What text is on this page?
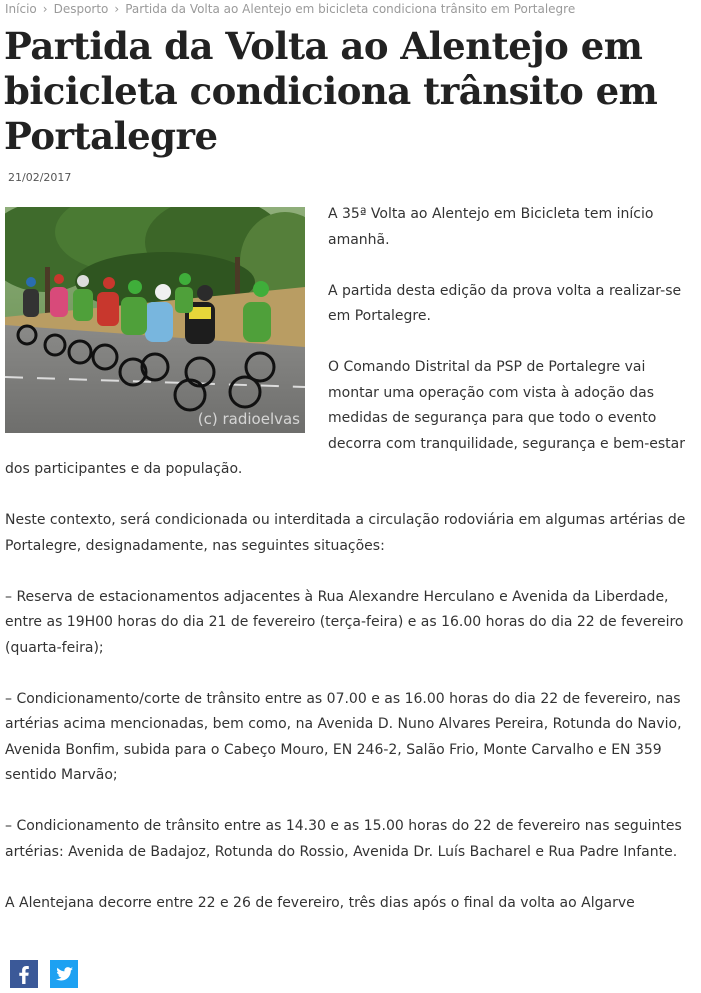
Início › Desporto › Partida da Volta ao Alentejo em bicicleta condiciona trânsito em Portalegre
Partida da Volta ao Alentejo em bicicleta condiciona trânsito em Portalegre
21/02/2017
(c) radioelvas

A 35ª Volta ao Alentejo em Bicicleta tem início amanhã.

A partida desta edição da prova volta a realizar-se em Portalegre.

O Comando Distrital da PSP de Portalegre vai montar uma operação com vista à adoção das medidas de segurança para que todo o evento decorra com tranquilidade, segurança e bem-estar dos participantes e da população.

Neste contexto, será condicionada ou interditada a circulação rodoviária em algumas artérias de Portalegre, designadamente, nas seguintes situações:

– Reserva de estacionamentos adjacentes à Rua Alexandre Herculano e Avenida da Liberdade, entre as 19H00 horas do dia 21 de fevereiro (terça-feira) e as 16.00 horas do dia 22 de fevereiro (quarta-feira);

– Condicionamento/corte de trânsito entre as 07.00 e as 16.00 horas do dia 22 de fevereiro, nas artérias acima mencionadas, bem como, na Avenida D. Nuno Alvares Pereira, Rotunda do Navio, Avenida Bonfim, subida para o Cabeço Mouro, EN 246-2, Salão Frio, Monte Carvalho e EN 359 sentido Marvão;

– Condicionamento de trânsito entre as 14.30 e as 15.00 horas do 22 de fevereiro nas seguintes artérias: Avenida de Badajoz, Rotunda do Rossio, Avenida Dr. Luís Bacharel e Rua Padre Infante.

A Alentejana decorre entre 22 e 26 de fevereiro, três dias após o final da volta ao Algarve
